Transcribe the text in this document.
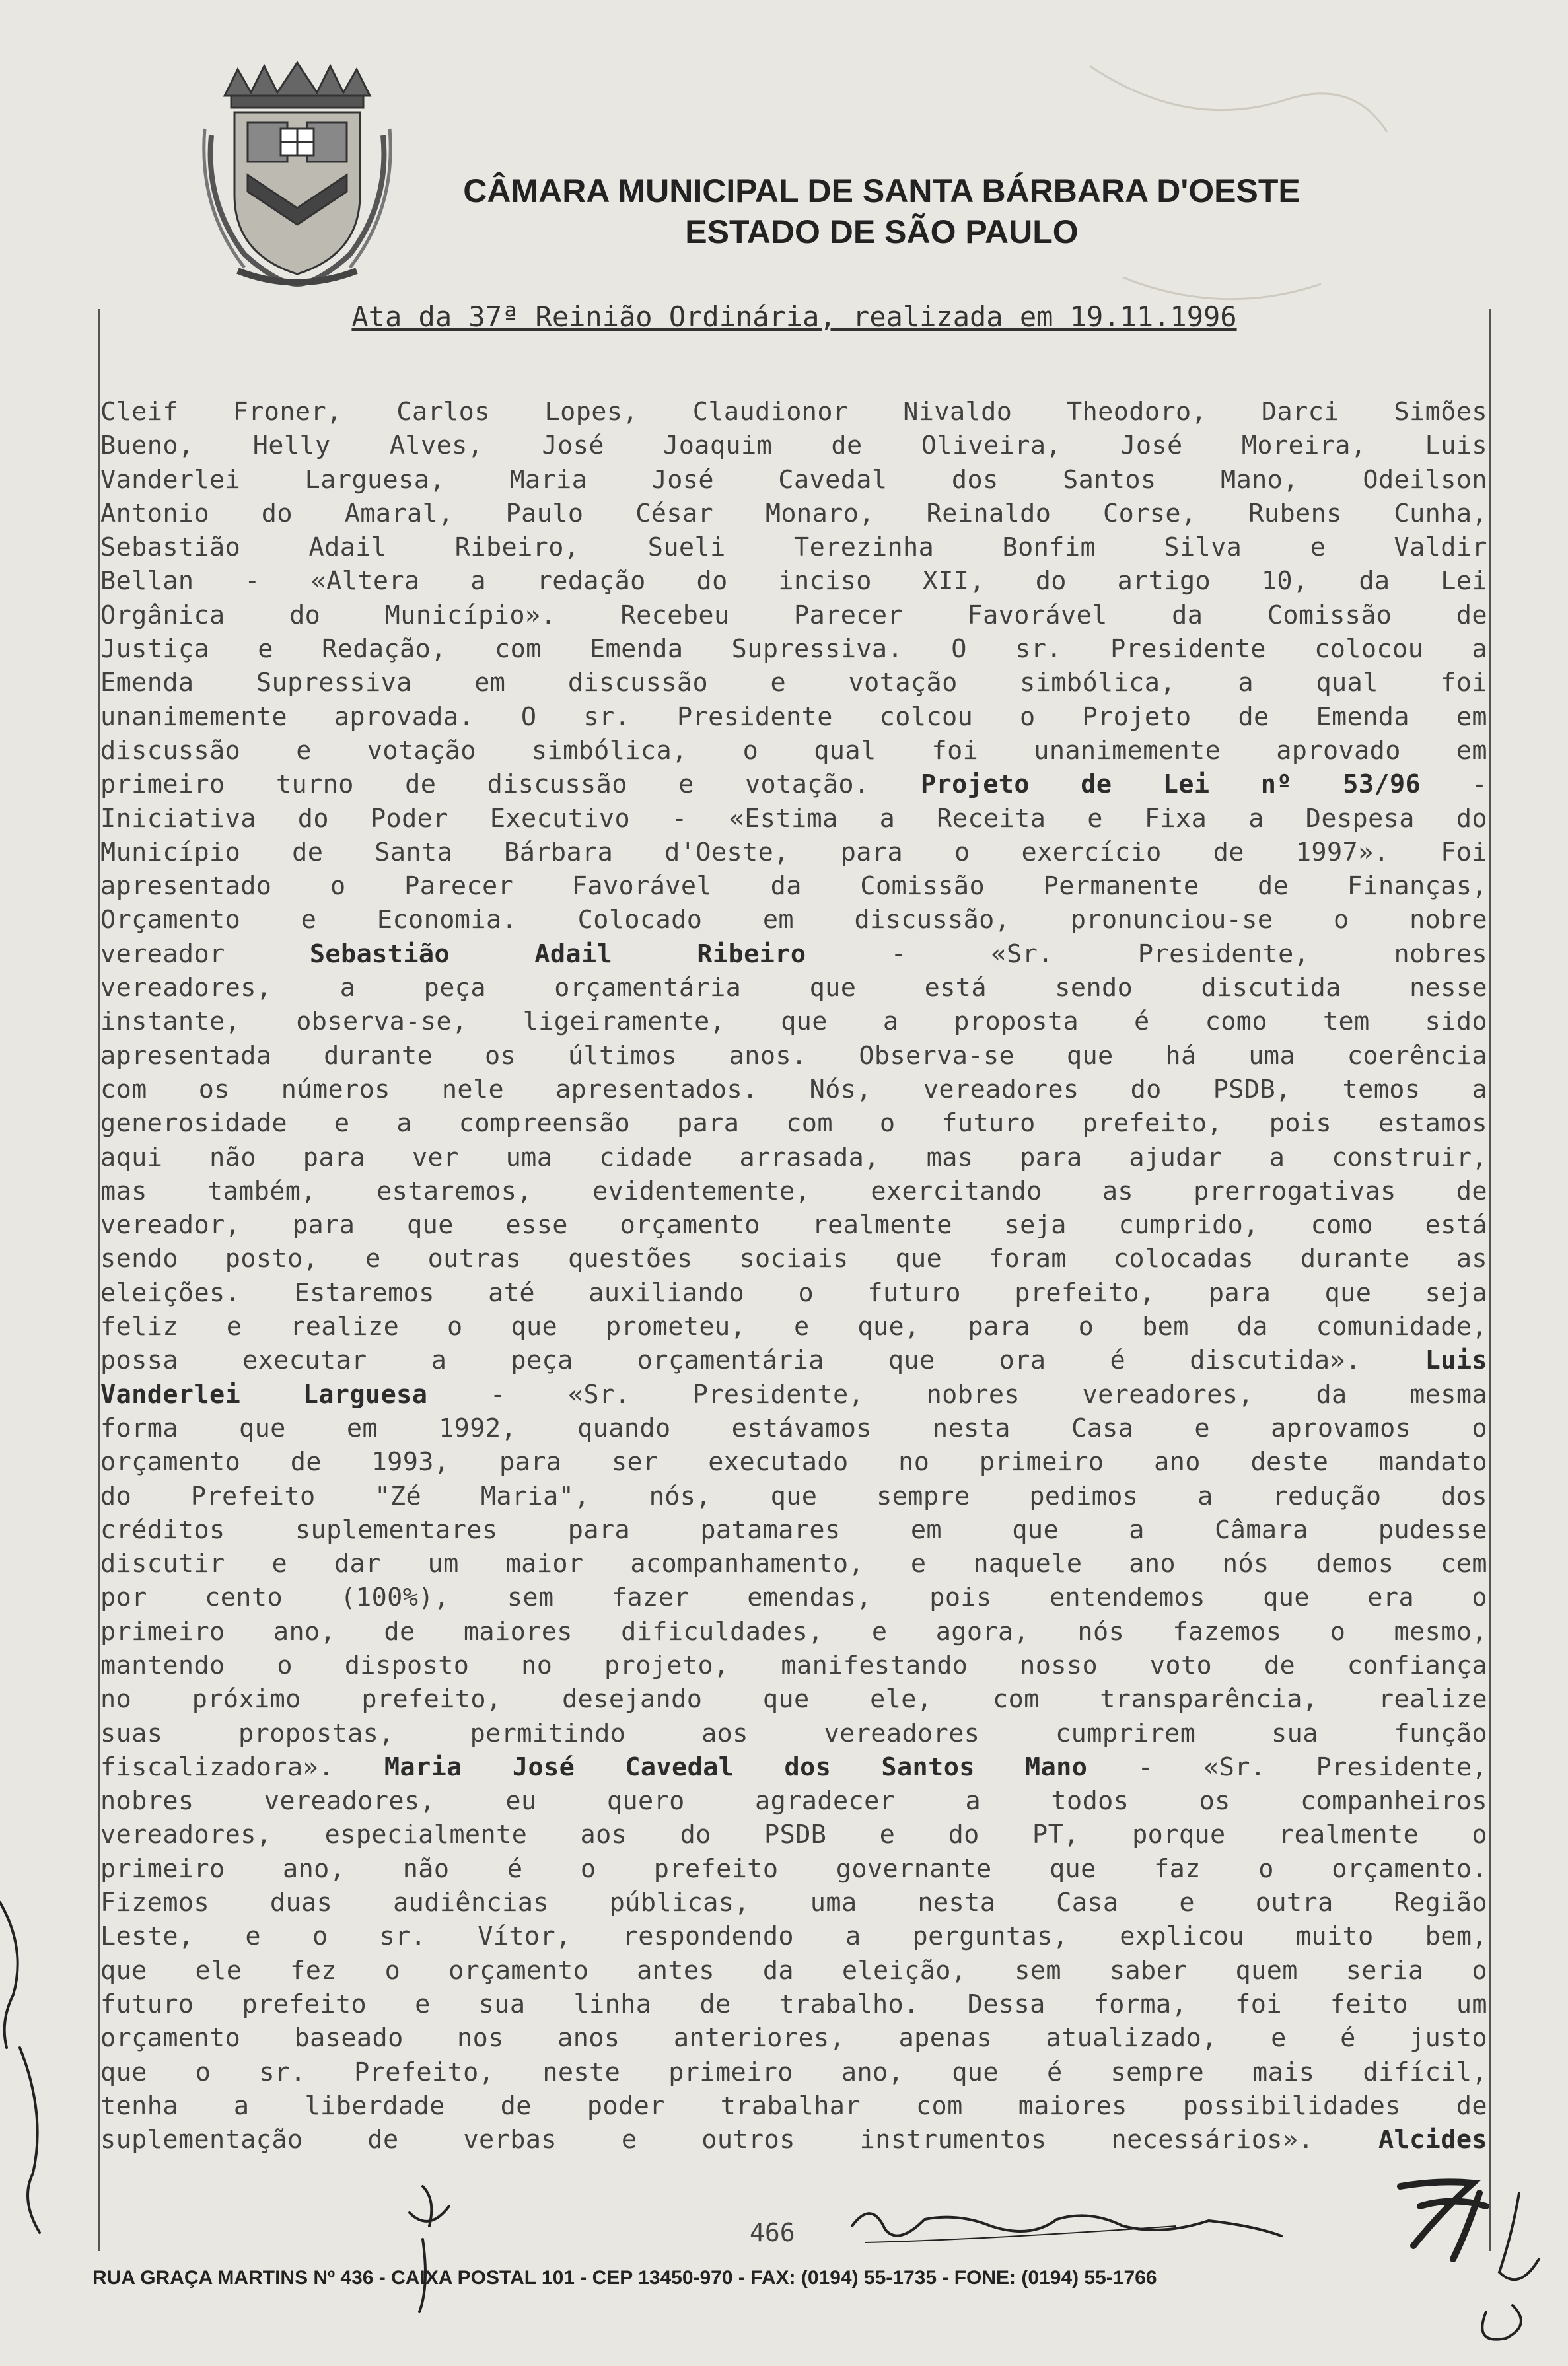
CÂMARA MUNICIPAL DE SANTA BÁRBARA D'OESTE
ESTADO DE SÃO PAULO
Ata da 37ª Reinião Ordinária, realizada em 19.11.1996
Cleif Froner, Carlos Lopes, Claudionor Nivaldo Theodoro, Darci Simões
Bueno, Helly Alves, José Joaquim de Oliveira, José Moreira, Luis
Vanderlei Larguesa, Maria José Cavedal dos Santos Mano, Odeilson
Antonio do Amaral, Paulo César Monaro, Reinaldo Corse, Rubens Cunha,
Sebastião Adail Ribeiro, Sueli Terezinha Bonfim Silva e Valdir
Bellan - «Altera a redação do inciso XII, do artigo 10, da Lei
Orgânica do Município». Recebeu Parecer Favorável da Comissão de
Justiça e Redação, com Emenda Supressiva. O sr. Presidente colocou a
Emenda Supressiva em discussão e votação simbólica, a qual foi
unanimemente aprovada. O sr. Presidente colcou o Projeto de Emenda em
discussão e votação simbólica, o qual foi unanimemente aprovado em
primeiro turno de discussão e votação. Projeto de Lei nº 53/96 -
Iniciativa do Poder Executivo - «Estima a Receita e Fixa a Despesa do
Município de Santa Bárbara d'Oeste, para o exercício de 1997». Foi
apresentado o Parecer Favorável da Comissão Permanente de Finanças,
Orçamento e Economia. Colocado em discussão, pronunciou-se o nobre
vereador Sebastião Adail Ribeiro - «Sr. Presidente, nobres
vereadores, a peça orçamentária que está sendo discutida nesse
instante, observa-se, ligeiramente, que a proposta é como tem sido
apresentada durante os últimos anos. Observa-se que há uma coerência
com os números nele apresentados. Nós, vereadores do PSDB, temos a
generosidade e a compreensão para com o futuro prefeito, pois estamos
aqui não para ver uma cidade arrasada, mas para ajudar a construir,
mas também, estaremos, evidentemente, exercitando as prerrogativas de
vereador, para que esse orçamento realmente seja cumprido, como está
sendo posto, e outras questões sociais que foram colocadas durante as
eleições. Estaremos até auxiliando o futuro prefeito, para que seja
feliz e realize o que prometeu, e que, para o bem da comunidade,
possa executar a peça orçamentária que ora é discutida». Luis
Vanderlei Larguesa - «Sr. Presidente, nobres vereadores, da mesma
forma que em 1992, quando estávamos nesta Casa e aprovamos o
orçamento de 1993, para ser executado no primeiro ano deste mandato
do Prefeito "Zé Maria", nós, que sempre pedimos a redução dos
créditos suplementares para patamares em que a Câmara pudesse
discutir e dar um maior acompanhamento, e naquele ano nós demos cem
por cento (100%), sem fazer emendas, pois entendemos que era o
primeiro ano, de maiores dificuldades, e agora, nós fazemos o mesmo,
mantendo o disposto no projeto, manifestando nosso voto de confiança
no próximo prefeito, desejando que ele, com transparência, realize
suas propostas, permitindo aos vereadores cumprirem sua função
fiscalizadora». Maria José Cavedal dos Santos Mano - «Sr. Presidente,
nobres vereadores, eu quero agradecer a todos os companheiros
vereadores, especialmente aos do PSDB e do PT, porque realmente o
primeiro ano, não é o prefeito governante que faz o orçamento.
Fizemos duas audiências públicas, uma nesta Casa e outra Região
Leste, e o sr. Vítor, respondendo a perguntas, explicou muito bem,
que ele fez o orçamento antes da eleição, sem saber quem seria o
futuro prefeito e sua linha de trabalho. Dessa forma, foi feito um
orçamento baseado nos anos anteriores, apenas atualizado, e é justo
que o sr. Prefeito, neste primeiro ano, que é sempre mais difícil,
tenha a liberdade de poder trabalhar com maiores possibilidades de
suplementação de verbas e outros instrumentos necessários». Alcides
466
RUA GRAÇA MARTINS Nº 436 - CAIXA POSTAL 101 - CEP 13450-970 - FAX: (0194) 55-1735 - FONE: (0194) 55-1766
